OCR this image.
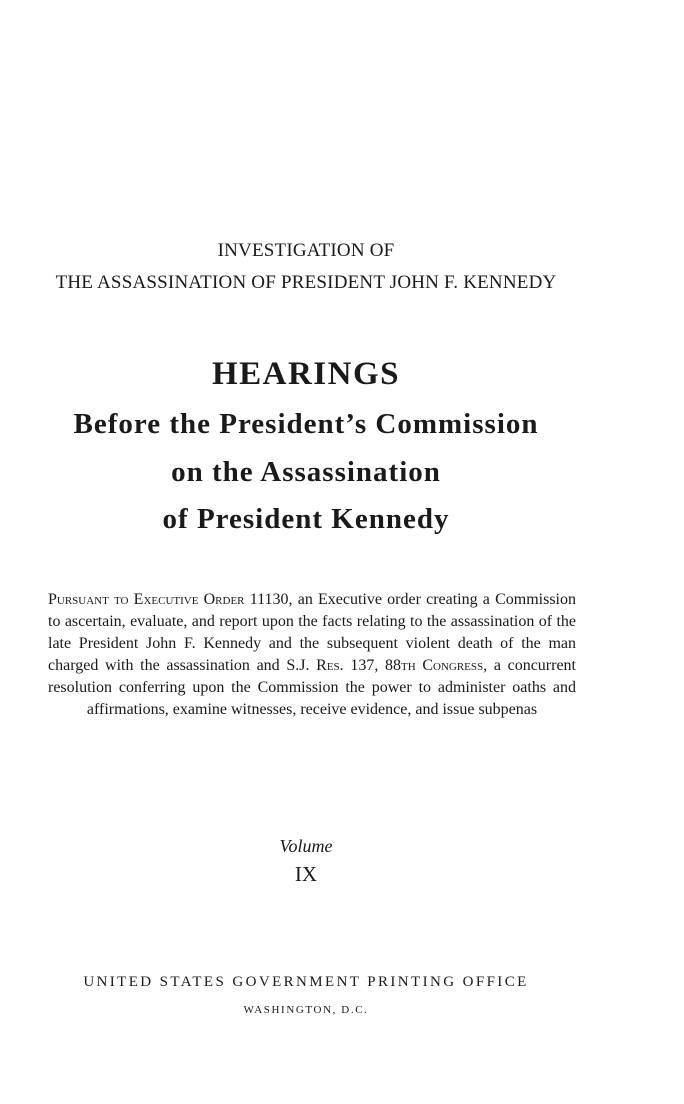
INVESTIGATION OF

THE ASSASSINATION OF PRESIDENT JOHN F. KENNEDY

HEARINGS

Before the President’s Commission

on the Assassination

of President Kennedy

Pursuant to Executive Order 11130, an Executive order creating a Commission to ascertain, evaluate, and report upon the facts relating to the assassination of the late President John F. Kennedy and the subsequent violent death of the man charged with the assassination and S.J. Res. 137, 88th Congress, a concurrent resolution conferring upon the Commission the power to administer oaths and affirmations, examine witnesses, receive evidence, and issue subpenas

Volume

IX

UNITED STATES GOVERNMENT PRINTING OFFICE

WASHINGTON, D.C.
